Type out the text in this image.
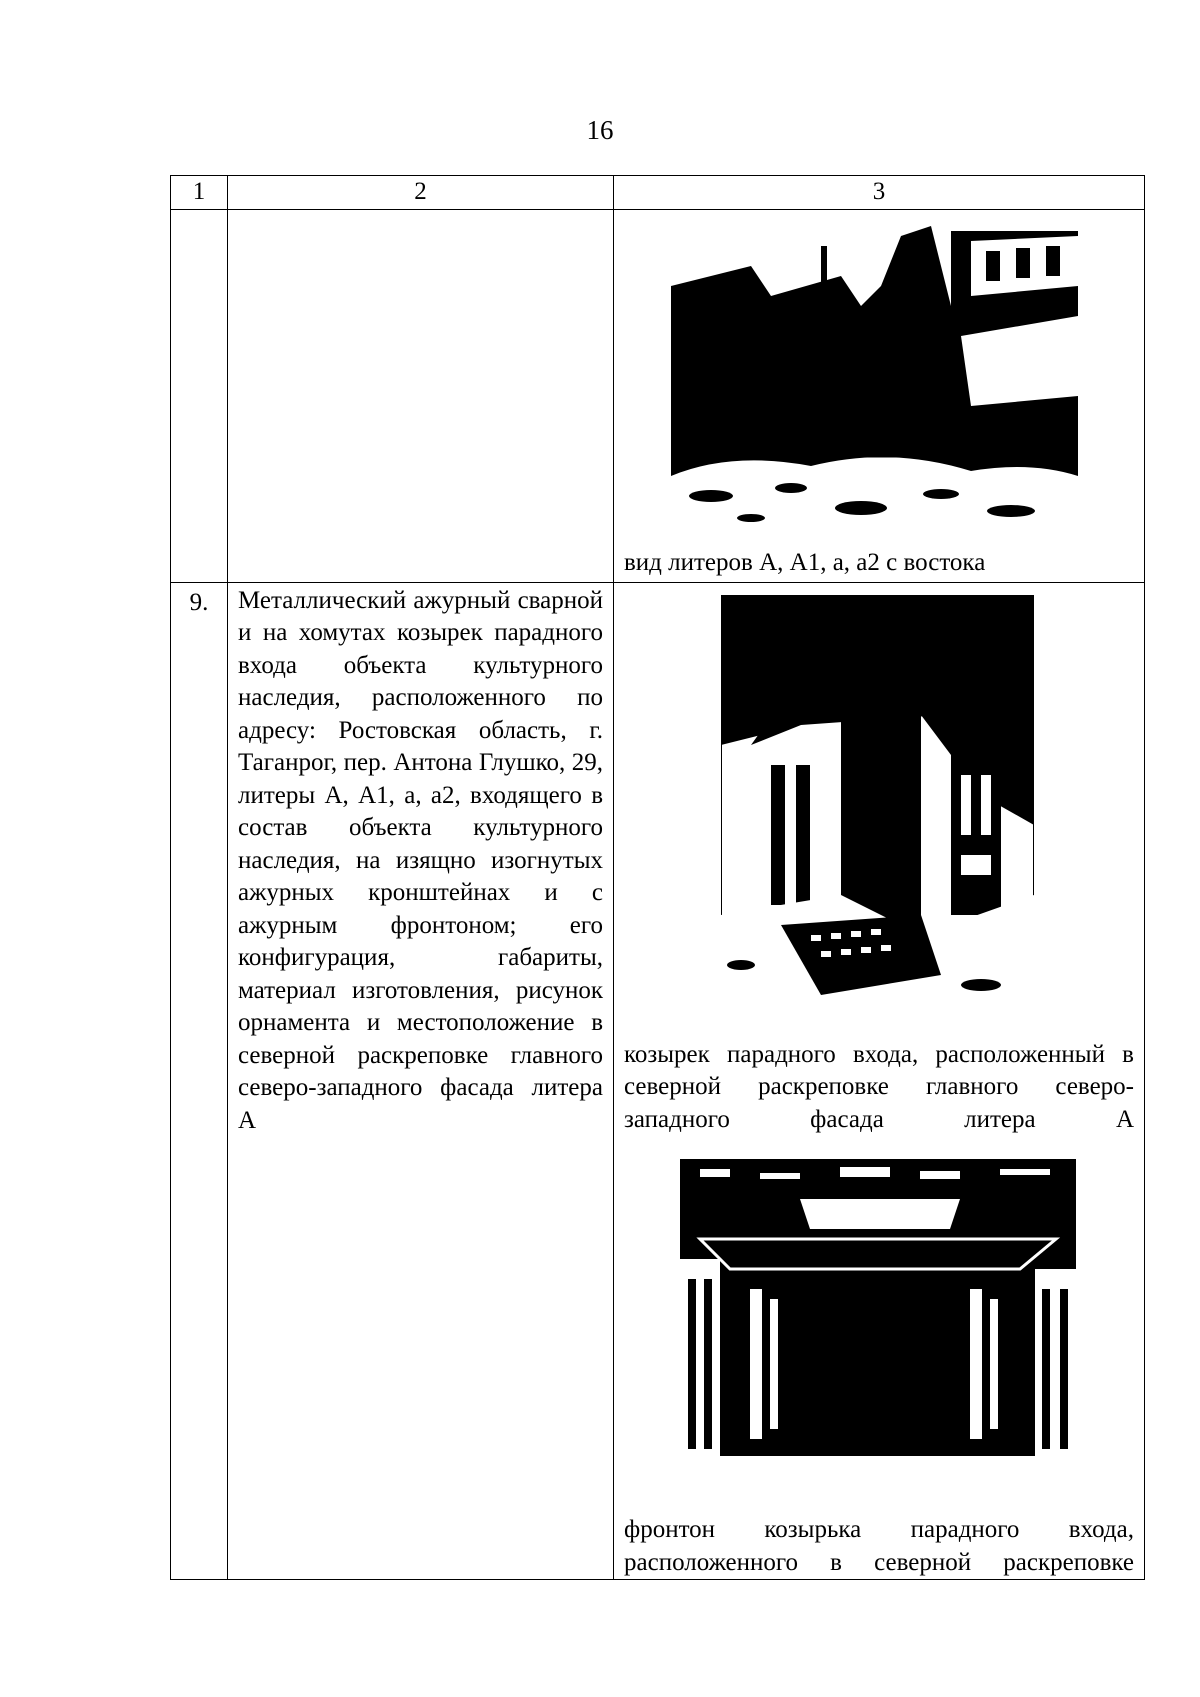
16
1	2	3

		вид литеров А, А1, а, а2 с востока

9.	Металлический ажурный сварной и на хомутах козырек парадного входа объекта культурного наследия, расположенного по адресу: Ростовская область, г. Таганрог, пер. Антона Глушко, 29, литеры А, А1, а, а2, входящего в состав объекта культурного наследия, на изящно изогнутых ажурных кронштейнах и с ажурным фронтоном; его конфигурация, габариты, материал изготовления, рисунок орнамента и местоположение в северной раскреповке главного северо-западного фасада литера А	козырек парадного входа, расположенный в северной раскреповке главного северо-западного фасада литера А
фронтон козырька парадного входа, расположенного в северной раскреповке
